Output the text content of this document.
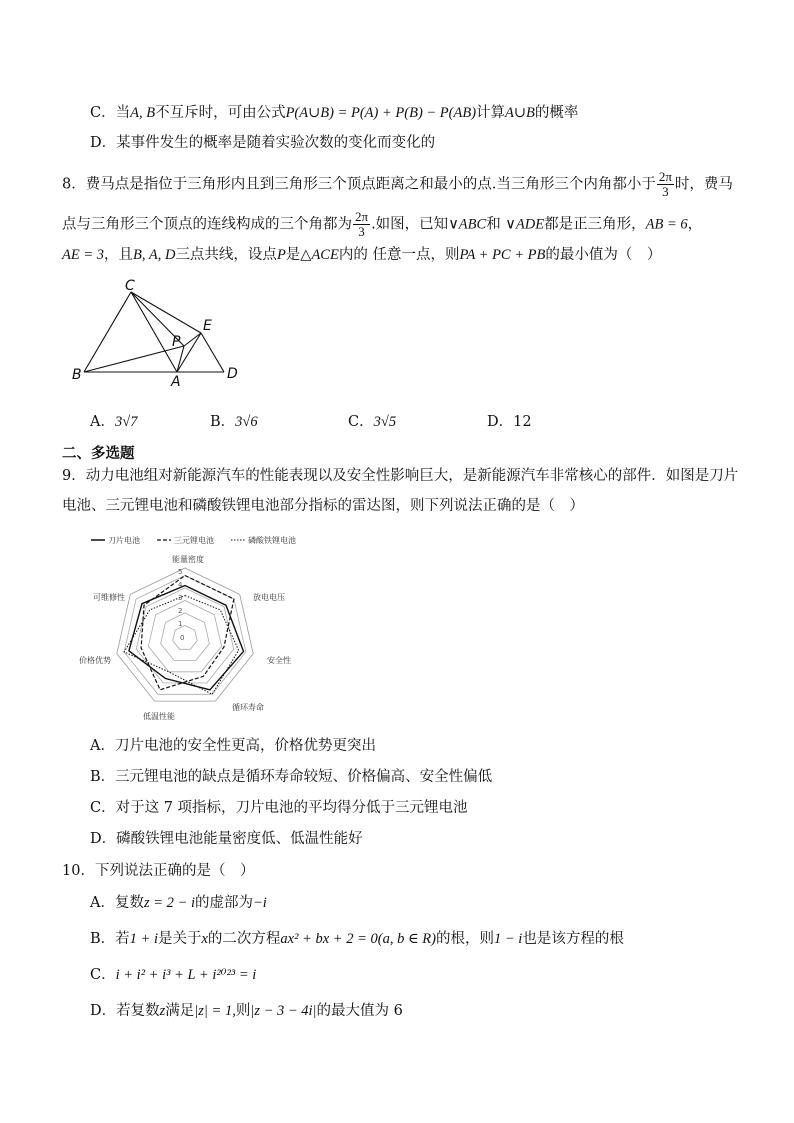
C．当A, B不互斥时，可由公式P(A∪B) = P(A) + P(B) − P(AB)计算A∪B的概率
D．某事件发生的概率是随着实验次数的变化而变化的
8．费马点是指位于三角形内且到三角形三个顶点距离之和最小的点.当三角形三个内角都小于 $\frac{2\pi}{3}$ 时，费马
点与三角形三个顶点的连线构成的三个角都为 $\frac{2\pi}{3}$ .如图，已知∨ABC和 ∨ADE都是正三角形，AB = 6，
AE = 3，且B, A, D三点共线，设点P是△ACE内的 任意一点，则PA + PC + PB的最小值为（　）
C
E
P
B	A	D
A．3√7	B．3√6	C．3√5	D．12
二、多选题
9．动力电池组对新能源汽车的性能表现以及安全性影响巨大，是新能源汽车非常核心的部件．如图是刀片
电池、三元锂电池和磷酸铁锂电池部分指标的雷达图，则下列说法正确的是（　）
刀片电池	三元锂电池	磷酸铁锂电池
能量密度
放电电压
安全性
循环寿命
低温性能
价格优势
可维修性
5
4
3
2
1
0
A．刀片电池的安全性更高，价格优势更突出
B．三元锂电池的缺点是循环寿命较短、价格偏高、安全性偏低
C．对于这 7 项指标，刀片电池的平均得分低于三元锂电池
D．磷酸铁锂电池能量密度低、低温性能好
10．下列说法正确的是（　）
A．复数z = 2 − i的虚部为−i
B．若1 + i是关于x的二次方程ax² + bx + 2 = 0(a, b ∈ R)的根，则1 − i也是该方程的根
C．i + i² + i³ + L + i²⁰²³ = i
D．若复数z满足|z| = 1,则|z − 3 − 4i|的最大值为 6
